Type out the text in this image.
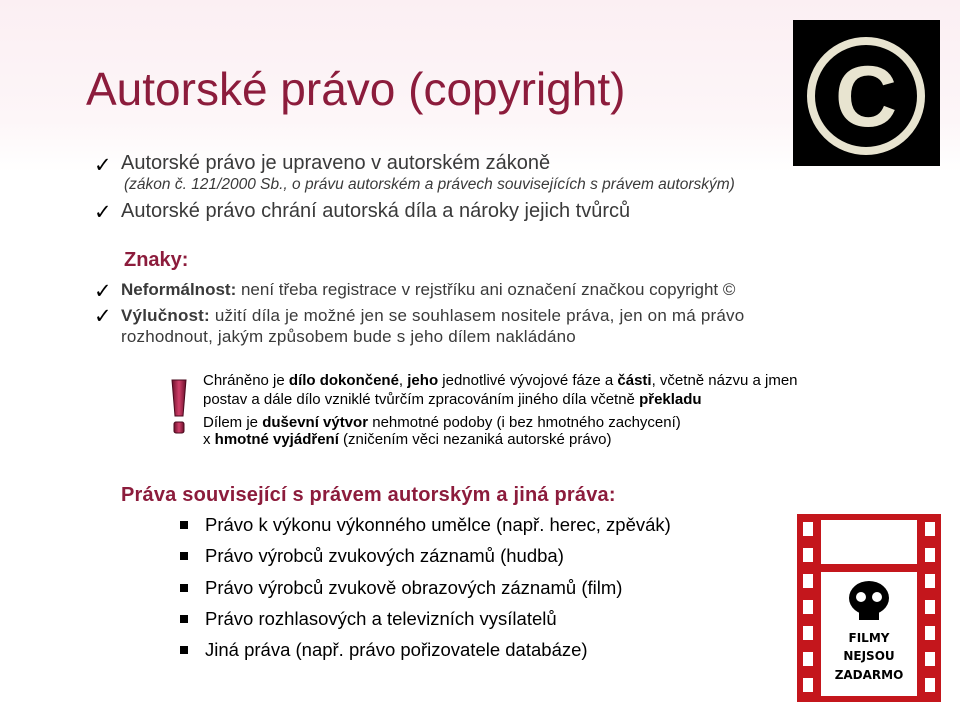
Autorské právo (copyright) C
✓ Autorské právo je upraveno v autorském zákoně
(zákon č. 121/2000 Sb., o právu autorském a právech souvisejících s právem autorským)
✓ Autorské právo chrání autorská díla a nároky jejich tvůrců
Znaky:
✓ Neformálnost: není třeba registrace v rejstříku ani označení značkou copyright ©
✓ Výlučnost: užití díla je možné jen se souhlasem nositele práva, jen on má právo
rozhodnout, jakým způsobem bude s jeho dílem nakládáno
Chráněno je dílo dokončené, jeho jednotlivé vývojové fáze a části, včetně názvu a jmen
postav a dále dílo vzniklé tvůrčím zpracováním jiného díla včetně překladu
Dílem je duševní výtvor nehmotné podoby (i bez hmotného zachycení)
x hmotné vyjádření (zničením věci nezaniká autorské právo)
Práva související s právem autorským a jiná práva:
Právo k výkonu výkonného umělce (např. herec, zpěvák)
Právo výrobců zvukových záznamů (hudba)
Právo výrobců zvukově obrazových záznamů (film)
Právo rozhlasových a televizních vysílatelů
Jiná práva (např. právo pořizovatele databáze)
FILMY
NEJSOU
ZADARMO
